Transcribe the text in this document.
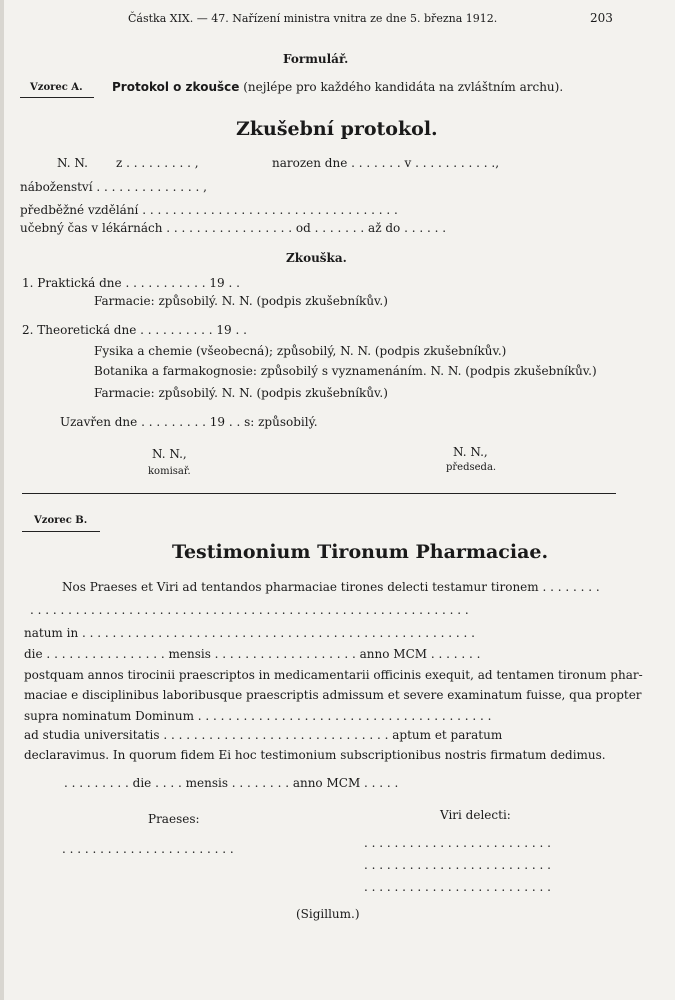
Částka XIX. — 47. Nařízení ministra vnitra ze dne 5. března 1912.	203
Formulář.
Vzorec A. Protokol o zkoušce (nejlépe pro každého kandidáta na zvláštním archu).
Zkušební protokol.
N. N. z . . . . . . . . . ,	narozen dne . . . . . . . v . . . . . . . . . . .,
náboženství . . . . . . . . . . . . . . ,
předběžné vzdělání . . . . . . . . . . . . . . . . . . . . . . . . . . . . . . . . . .
učebný čas v lékárnách . . . . . . . . . . . . . . . . . od . . . . . . . až do . . . . . .
Zkouška.
1. Praktická dne . . . . . . . . . . . 19 . .
Farmacie: způsobilý. N. N. (podpis zkušebníkův.)
2. Theoretická dne . . . . . . . . . . 19 . .
Fysika a chemie (všeobecná); způsobilý, N. N. (podpis zkušebníkův.)
Botanika a farmakognosie: způsobilý s vyznamenáním. N. N. (podpis zkušebníkův.)
Farmacie: způsobilý. N. N. (podpis zkušebníkův.)
Uzavřen dne . . . . . . . . . 19 . . s: způsobilý.
N. N.,
komisař.
N. N.,
předseda.
Vzorec B.
Testimonium Tironum Pharmaciae.
Nos Praeses et Viri ad tentandos pharmaciae tirones delecti testamur tironem . . . . . . . .
. . . . . . . . . . . . . . . . . . . . . . . . . . . . . . . . . . . . . . . . . . . . . . . . . . . . . . . . . .
natum in . . . . . . . . . . . . . . . . . . . . . . . . . . . . . . . . . . . . . . . . . . . . . . . . . . . .
die . . . . . . . . . . . . . . . . mensis . . . . . . . . . . . . . . . . . . . anno MCM . . . . . . .
postquam annos tirocinii praescriptos in medicamentarii officinis exequit, ad tentamen tironum phar-
maciae e disciplinibus laboribusque praescriptis admissum et severe examinatum fuisse, qua propter
supra nominatum Dominum . . . . . . . . . . . . . . . . . . . . . . . . . . . . . . . . . . . . . . .
ad studia universitatis . . . . . . . . . . . . . . . . . . . . . . . . . . . . . . aptum et paratum
declaravimus. In quorum fidem Ei hoc testimonium subscriptionibus nostris firmatum dedimus.
. . . . . . . . . die . . . . mensis . . . . . . . . anno MCM . . . . .
Praeses:	Viri delecti:
. . . . . . . . . . . . . . . . . . . . . . .	. . . . . . . . . . . . . . . . . . . . . . . . .
. . . . . . . . . . . . . . . . . . . . . . . . .
. . . . . . . . . . . . . . . . . . . . . . . . .
(Sigillum.)
